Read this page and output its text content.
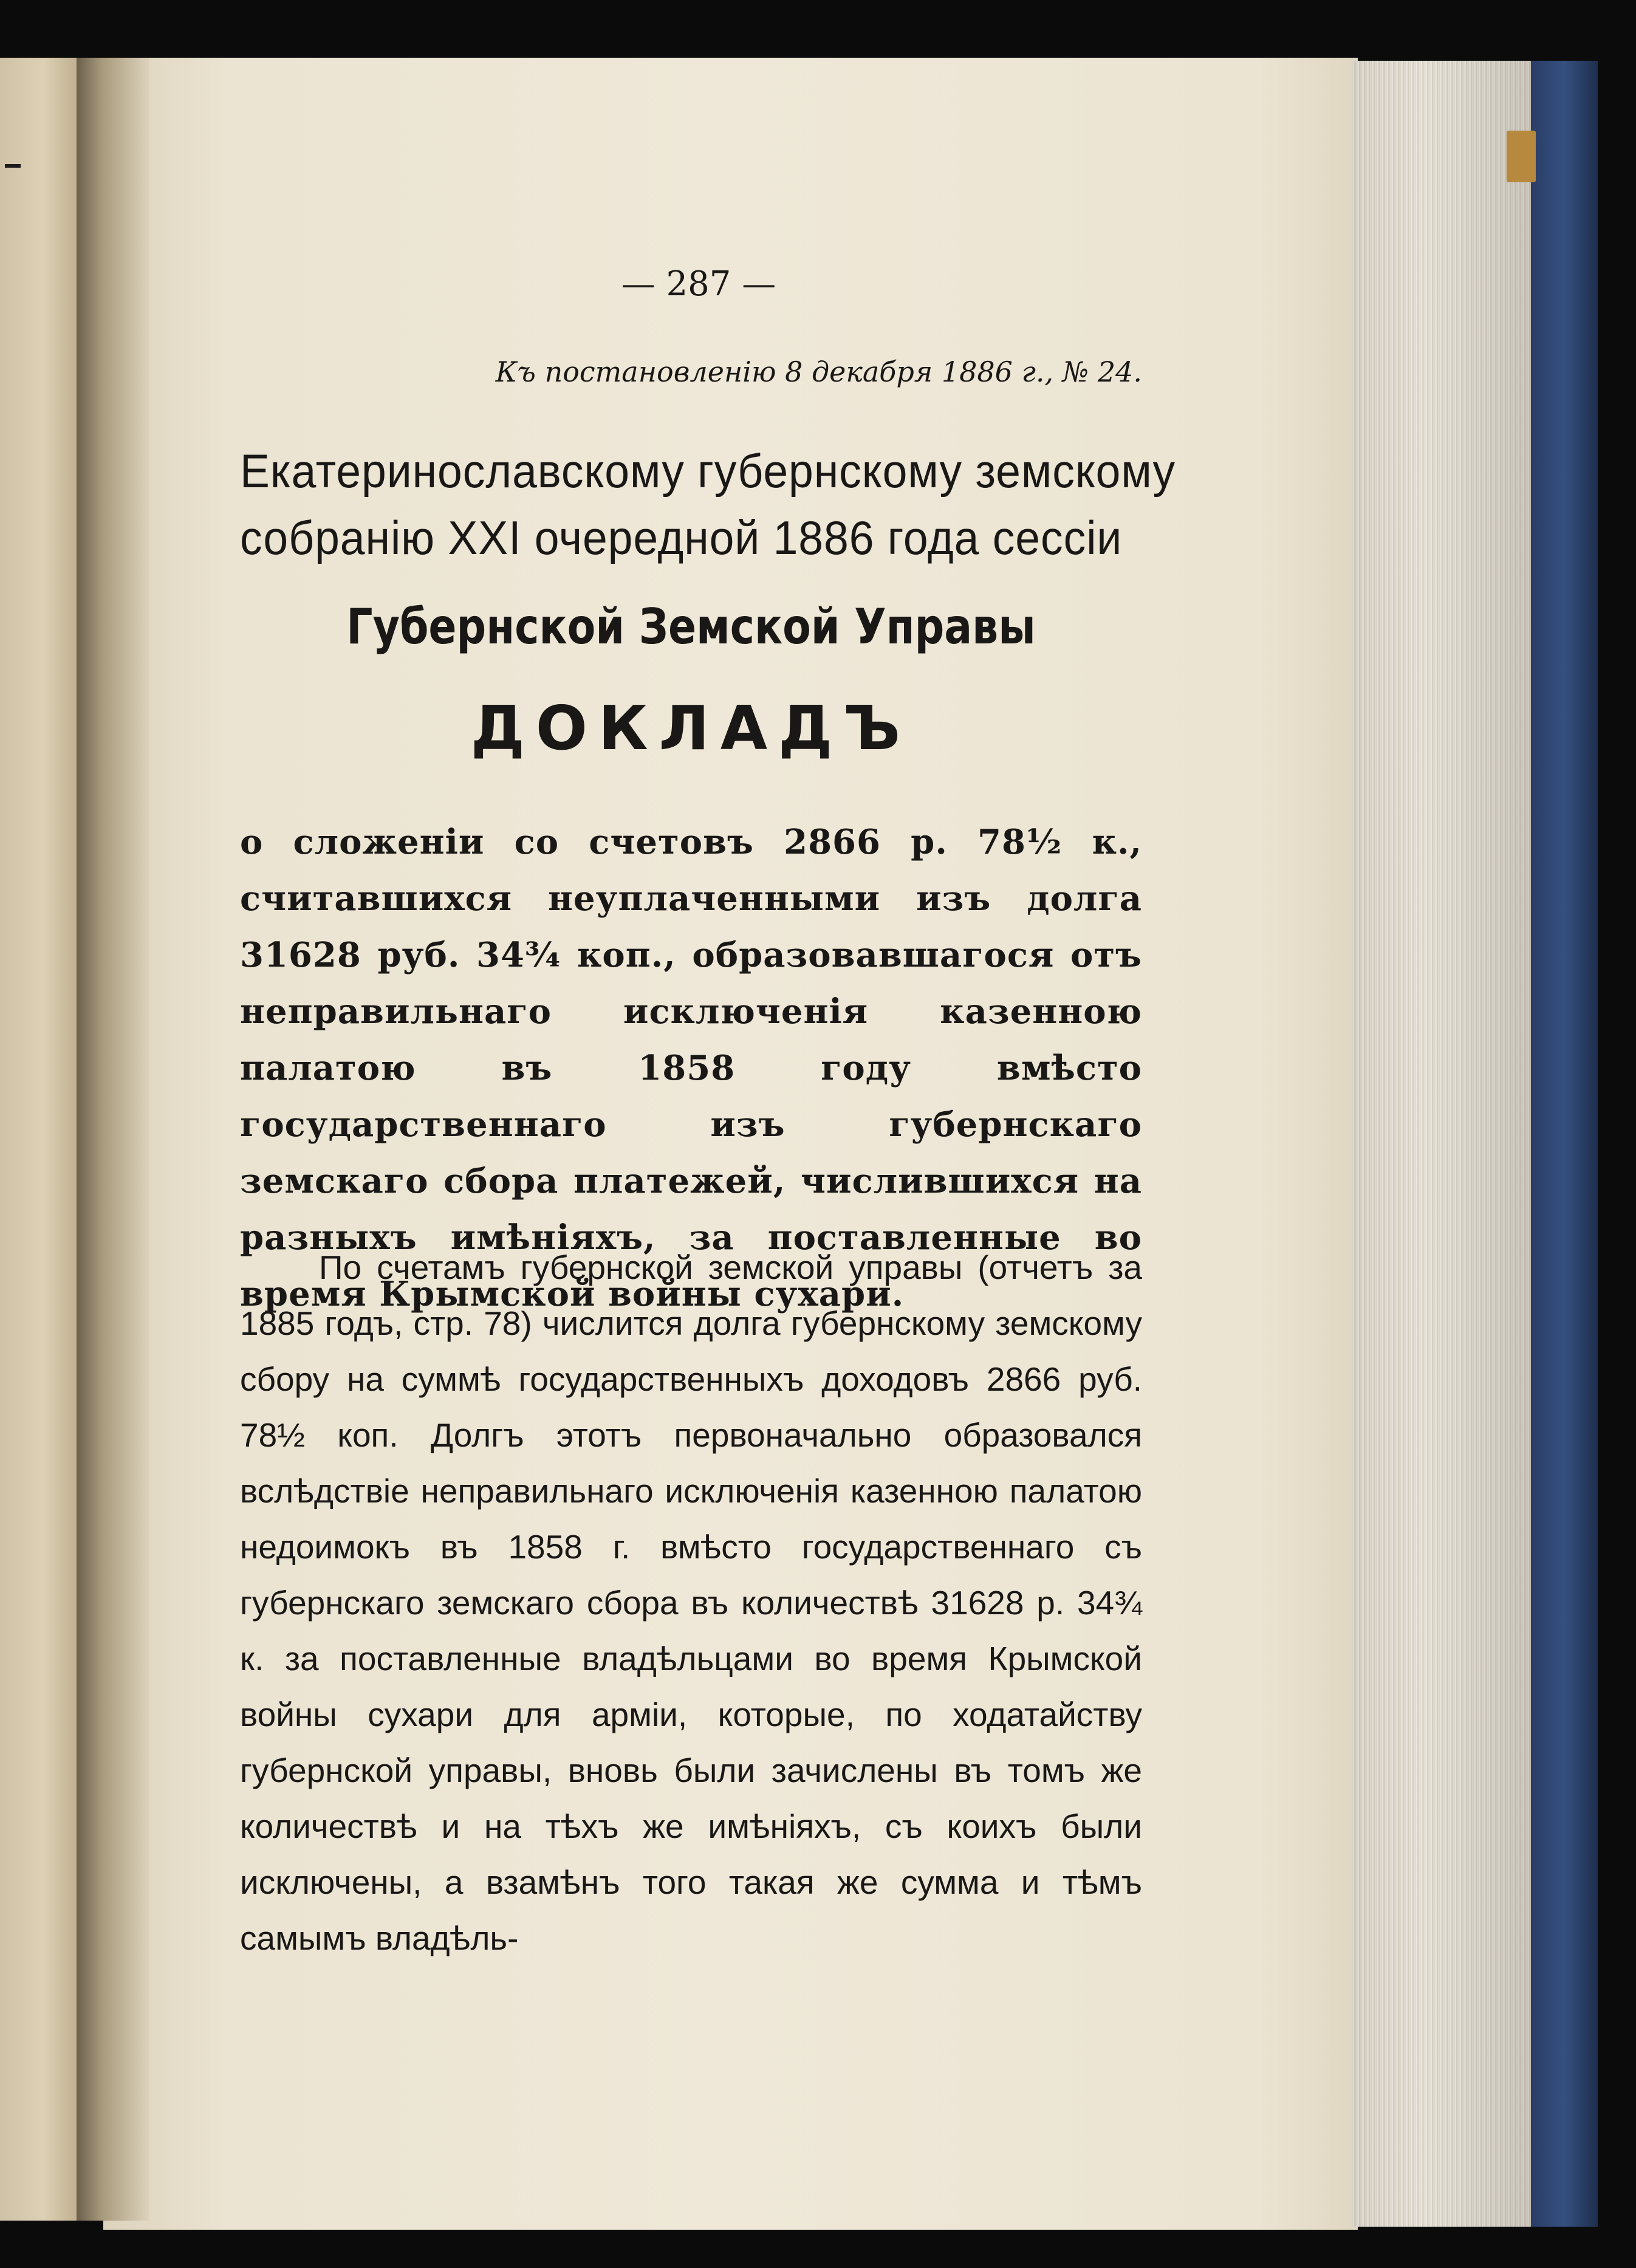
— 287 —
Къ постановленію 8 декабря 1886 г., № 24.
Екатеринославскому губернскому земскому
собранію XXI очередной 1886 года сессіи
Губернской Земской Управы
ДОКЛАДЪ
о сложеніи со счетовъ 2866 р. 78½ к., считавшихся неуплаченными изъ долга 31628 руб. 34¾ коп., образовавшагося отъ неправильнаго исключенія казенною палатою въ 1858 году вмѣсто государственнаго изъ губернскаго земскаго сбора платежей, числившихся на разныхъ имѣніяхъ, за поставленные во время Крымской войны сухари.
По счетамъ губернской земской управы (отчетъ за 1885 годъ, стр. 78) числится долга губернскому земскому сбору на суммѣ государственныхъ доходовъ 2866 руб. 78½ коп. Долгъ этотъ первоначально образовался вслѣдствіе неправильнаго исключенія казенною палатою недоимокъ въ 1858 г. вмѣсто государственнаго съ губернскаго земскаго сбора въ количествѣ 31628 р. 34¾ к. за поставленные владѣльцами во время Крымской войны сухари для арміи, которые, по ходатайству губернской управы, вновь были зачислены въ томъ же количествѣ и на тѣхъ же имѣніяхъ, съ коихъ были исключены, а взамѣнъ того такая же сумма и тѣмъ самымъ владѣль-
